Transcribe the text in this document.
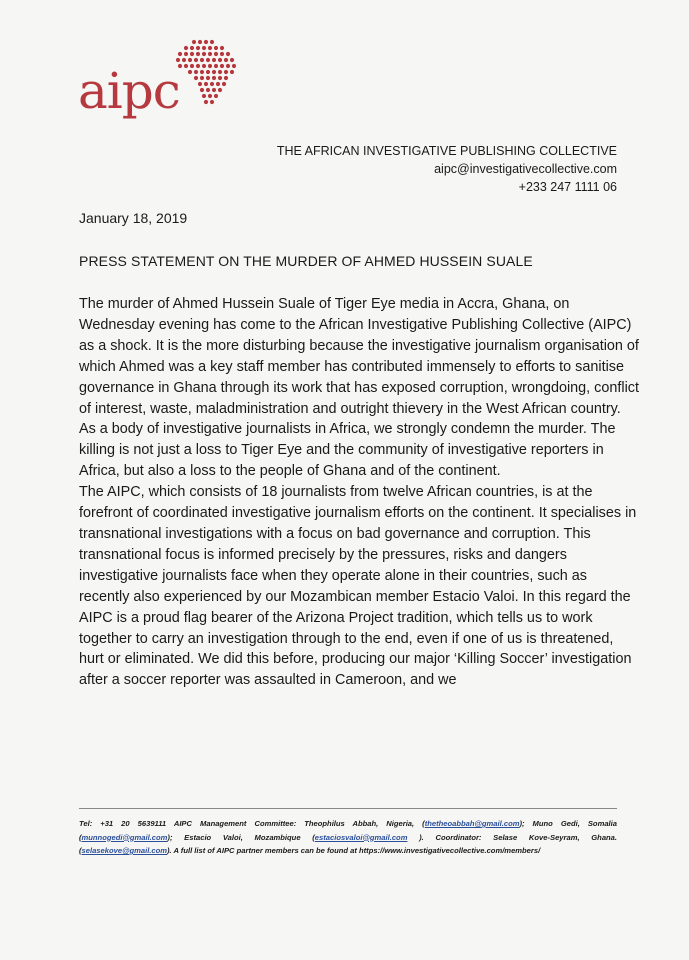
aipc
THE AFRICAN INVESTIGATIVE PUBLISHING COLLECTIVE
aipc@investigativecollective.com
+233 247 1111 06
January 18, 2019
PRESS STATEMENT ON THE MURDER OF AHMED HUSSEIN SUALE

The murder of Ahmed Hussein Suale of Tiger Eye media in Accra, Ghana, on Wednesday evening has come to the African Investigative Publishing Collective (AIPC) as a shock. It is the more disturbing because the investigative journalism organisation of which Ahmed was a key staff member has contributed immensely to efforts to sanitise governance in Ghana through its work that has exposed corruption, wrongdoing, conflict of interest, waste, maladministration and outright thievery in the West African country.

As a body of investigative journalists in Africa, we strongly condemn the murder. The killing is not just a loss to Tiger Eye and the community of investigative reporters in Africa, but also a loss to the people of Ghana and of the continent.

The AIPC, which consists of 18 journalists from twelve African countries, is at the forefront of coordinated investigative journalism efforts on the continent. It specialises in transnational investigations with a focus on bad governance and corruption. This transnational focus is informed precisely by the pressures, risks and dangers investigative journalists face when they operate alone in their countries, such as recently also experienced by our Mozambican member Estacio Valoi. In this regard the AIPC is a proud flag bearer of the Arizona Project tradition, which tells us to work together to carry an investigation through to the end, even if one of us is threatened, hurt or eliminated. We did this before, producing our major ‘Killing Soccer’ investigation after a soccer reporter was assaulted in Cameroon, and we

Tel: +31 20 5639111 AIPC Management Committee: Theophilus Abbah, Nigeria, (thetheoabbah@gmail.com); Muno Gedi, Somalia (munnogedi@gmail.com); Estacio Valoi, Mozambique (estaciosvaloi@gmail.com ). Coordinator: Selase Kove-Seyram, Ghana. (selasekove@gmail.com). A full list of AIPC partner members can be found at https://www.investigativecollective.com/members/
